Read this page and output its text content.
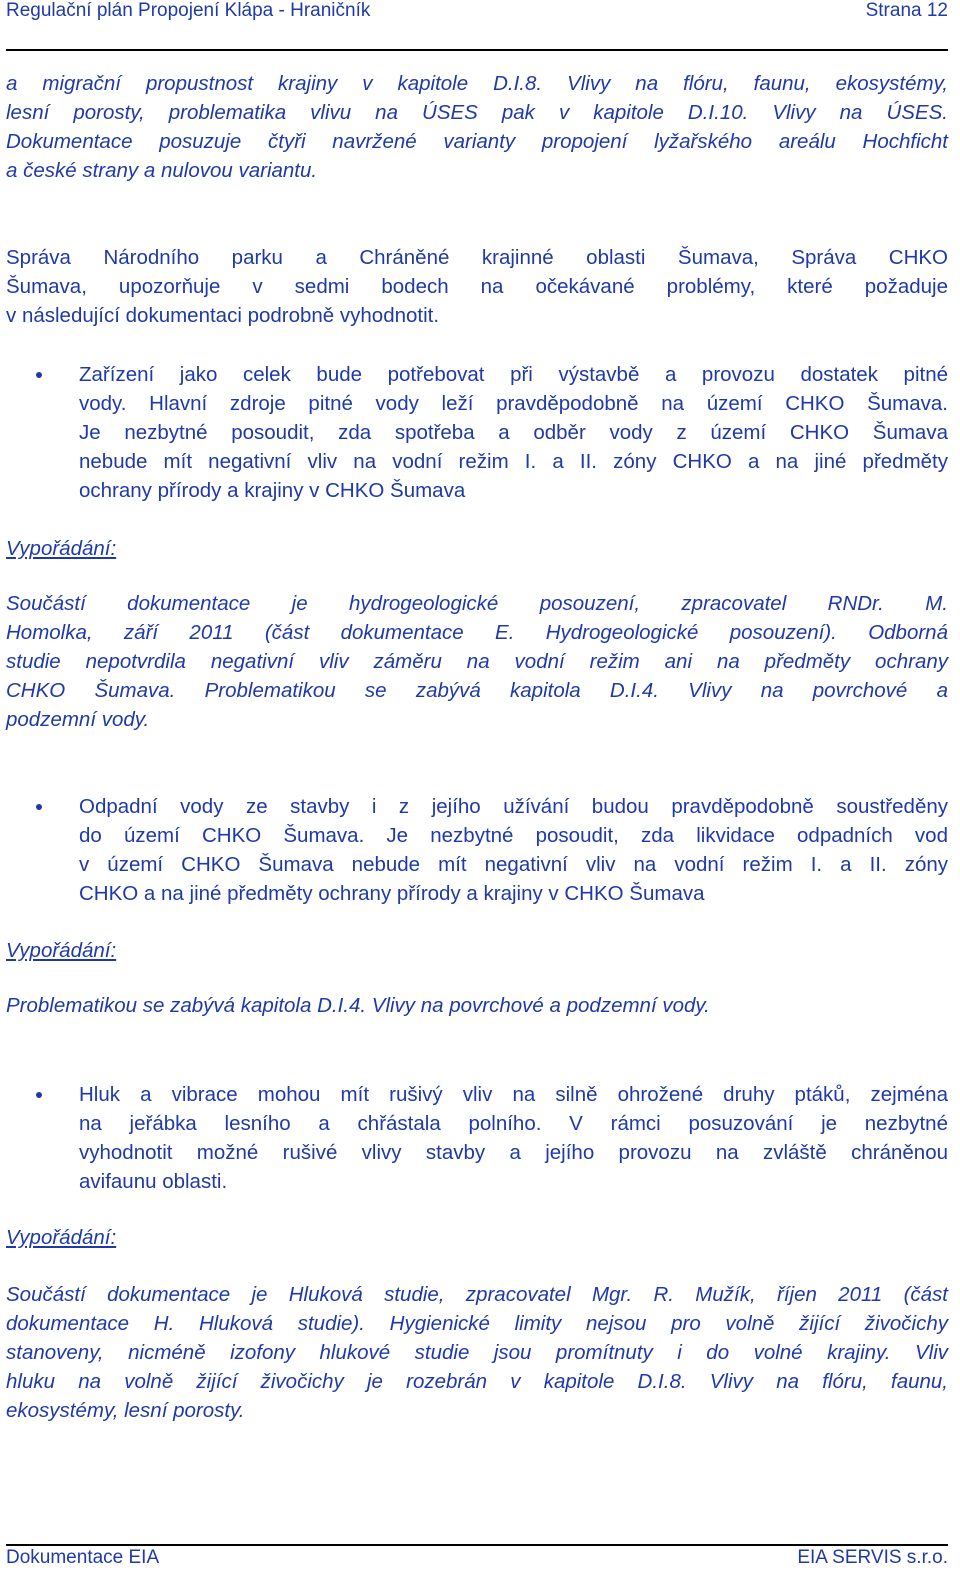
Regulační plán Propojení Klápa - Hraničník	Strana 12
a migrační propustnost krajiny v kapitole D.I.8. Vlivy na flóru, faunu, ekosystémy,
lesní porosty, problematika vlivu na ÚSES pak v kapitole D.I.10. Vlivy na ÚSES.
Dokumentace posuzuje čtyři navržené varianty propojení lyžařského areálu Hochficht
a české strany a nulovou variantu.
Správa Národního parku a Chráněné krajinné oblasti Šumava, Správa CHKO
Šumava, upozorňuje v sedmi bodech na očekávané problémy, které požaduje
v následující dokumentaci podrobně vyhodnotit.
Zařízení jako celek bude potřebovat při výstavbě a provozu dostatek pitné
vody. Hlavní zdroje pitné vody leží pravděpodobně na území CHKO Šumava.
Je nezbytné posoudit, zda spotřeba a odběr vody z území CHKO Šumava
nebude mít negativní vliv na vodní režim I. a II. zóny CHKO a na jiné předměty
ochrany přírody a krajiny v CHKO Šumava
Vypořádání:
Součástí dokumentace je hydrogeologické posouzení, zpracovatel RNDr. M.
Homolka, září 2011 (část dokumentace E. Hydrogeologické posouzení). Odborná
studie nepotvrdila negativní vliv záměru na vodní režim ani na předměty ochrany
CHKO Šumava. Problematikou se zabývá kapitola D.I.4. Vlivy na povrchové a
podzemní vody.
Odpadní vody ze stavby i z jejího užívání budou pravděpodobně soustředěny
do území CHKO Šumava. Je nezbytné posoudit, zda likvidace odpadních vod
v území CHKO Šumava nebude mít negativní vliv na vodní režim I. a II. zóny
CHKO a na jiné předměty ochrany přírody a krajiny v CHKO Šumava
Vypořádání:
Problematikou se zabývá kapitola D.I.4. Vlivy na povrchové a podzemní vody.
Hluk a vibrace mohou mít rušivý vliv na silně ohrožené druhy ptáků, zejména
na jeřábka lesního a chřástala polního. V rámci posuzování je nezbytné
vyhodnotit možné rušivé vlivy stavby a jejího provozu na zvláště chráněnou
avifaunu oblasti.
Vypořádání:
Součástí dokumentace je Hluková studie, zpracovatel Mgr. R. Mužík, říjen 2011 (část
dokumentace H. Hluková studie). Hygienické limity nejsou pro volně žijící živočichy
stanoveny, nicméně izofony hlukové studie jsou promítnuty i do volné krajiny. Vliv
hluku na volně žijící živočichy je rozebrán v kapitole D.I.8. Vlivy na flóru, faunu,
ekosystémy, lesní porosty.
Dokumentace EIA	EIA SERVIS s.r.o.
